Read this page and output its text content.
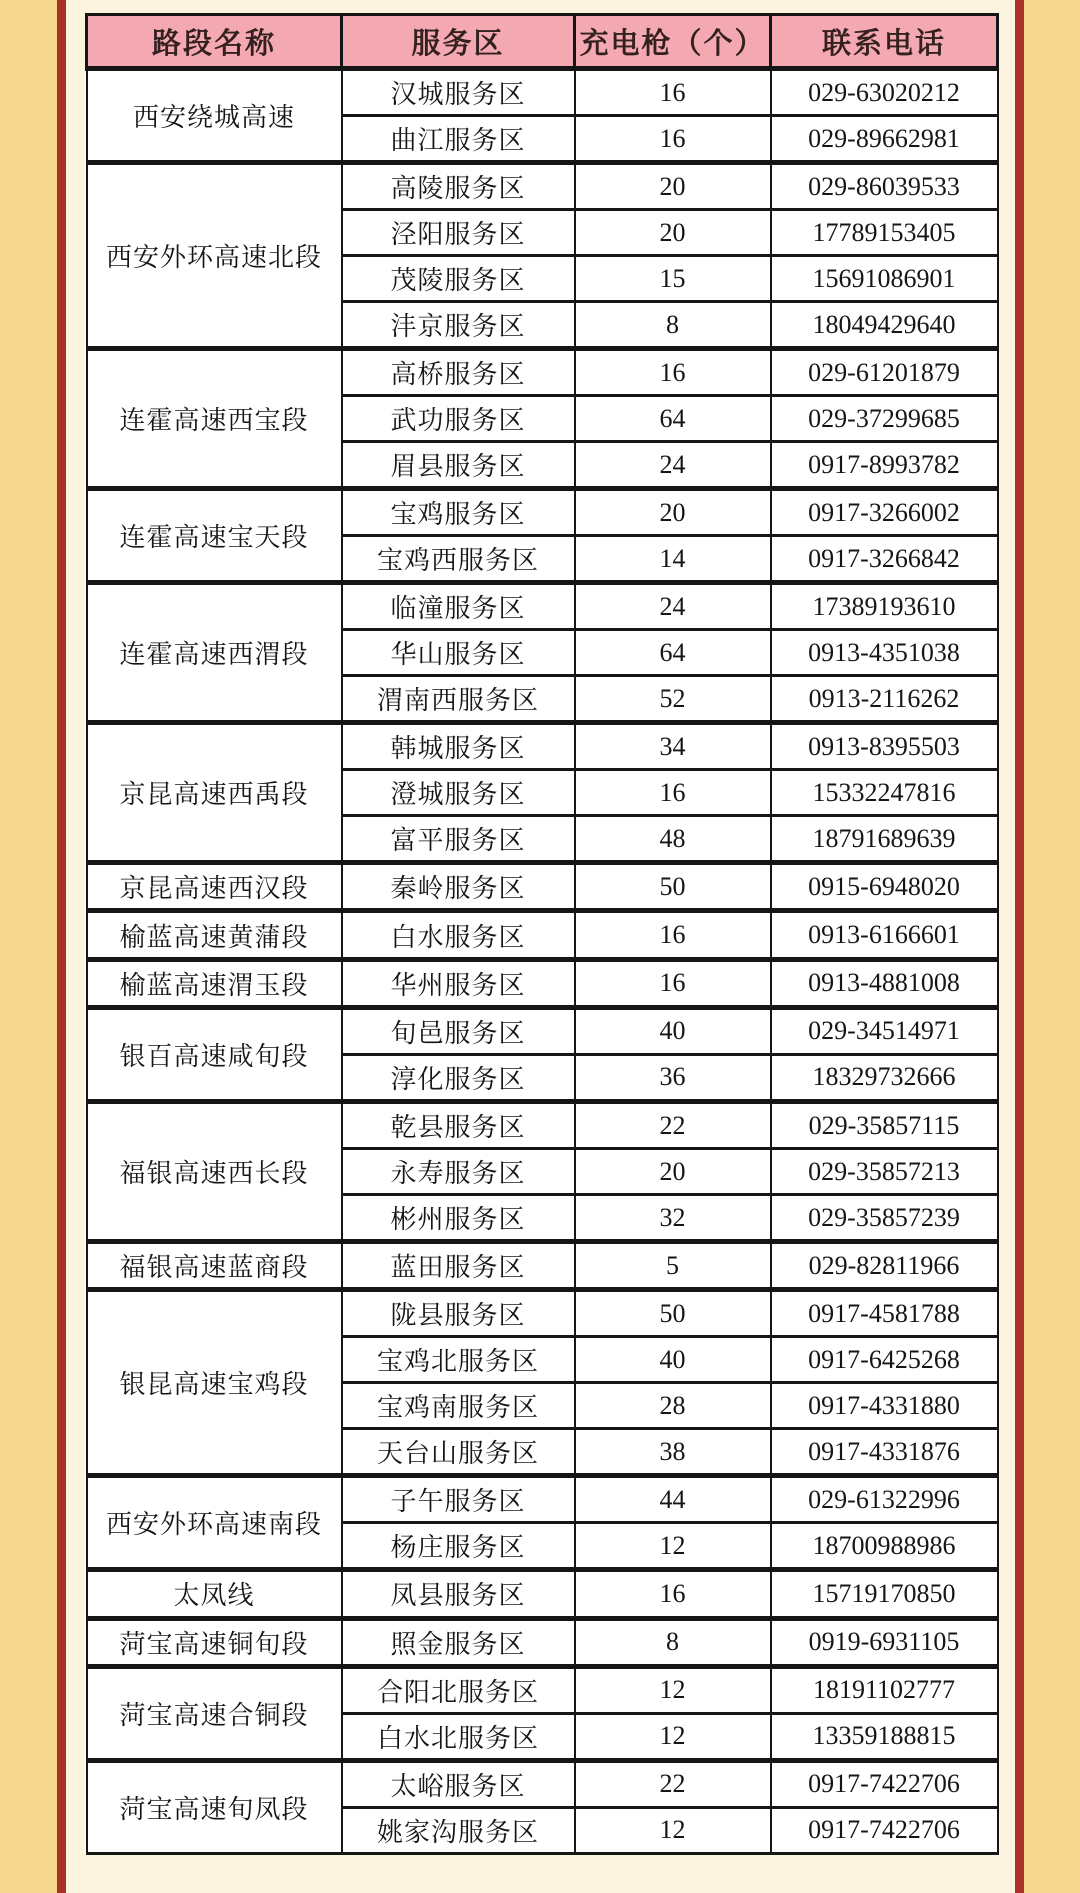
路段名称	服务区	充电枪（个）	联系电话
西安绕城高速	汉城服务区	16	029-63020212
	曲江服务区	16	029-89662981
西安外环高速北段	高陵服务区	20	029-86039533
	泾阳服务区	20	17789153405
	茂陵服务区	15	15691086901
	沣京服务区	8	18049429640
连霍高速西宝段	高桥服务区	16	029-61201879
	武功服务区	64	029-37299685
	眉县服务区	24	0917-8993782
连霍高速宝天段	宝鸡服务区	20	0917-3266002
	宝鸡西服务区	14	0917-3266842
连霍高速西渭段	临潼服务区	24	17389193610
	华山服务区	64	0913-4351038
	渭南西服务区	52	0913-2116262
京昆高速西禹段	韩城服务区	34	0913-8395503
	澄城服务区	16	15332247816
	富平服务区	48	18791689639
京昆高速西汉段	秦岭服务区	50	0915-6948020
榆蓝高速黄蒲段	白水服务区	16	0913-6166601
榆蓝高速渭玉段	华州服务区	16	0913-4881008
银百高速咸旬段	旬邑服务区	40	029-34514971
	淳化服务区	36	18329732666
福银高速西长段	乾县服务区	22	029-35857115
	永寿服务区	20	029-35857213
	彬州服务区	32	029-35857239
福银高速蓝商段	蓝田服务区	5	029-82811966
银昆高速宝鸡段	陇县服务区	50	0917-4581788
	宝鸡北服务区	40	0917-6425268
	宝鸡南服务区	28	0917-4331880
	天台山服务区	38	0917-4331876
西安外环高速南段	子午服务区	44	029-61322996
	杨庄服务区	12	18700988986
太凤线	凤县服务区	16	15719170850
菏宝高速铜旬段	照金服务区	8	0919-6931105
菏宝高速合铜段	合阳北服务区	12	18191102777
	白水北服务区	12	13359188815
菏宝高速旬凤段	太峪服务区	22	0917-7422706
	姚家沟服务区	12	0917-7422706
